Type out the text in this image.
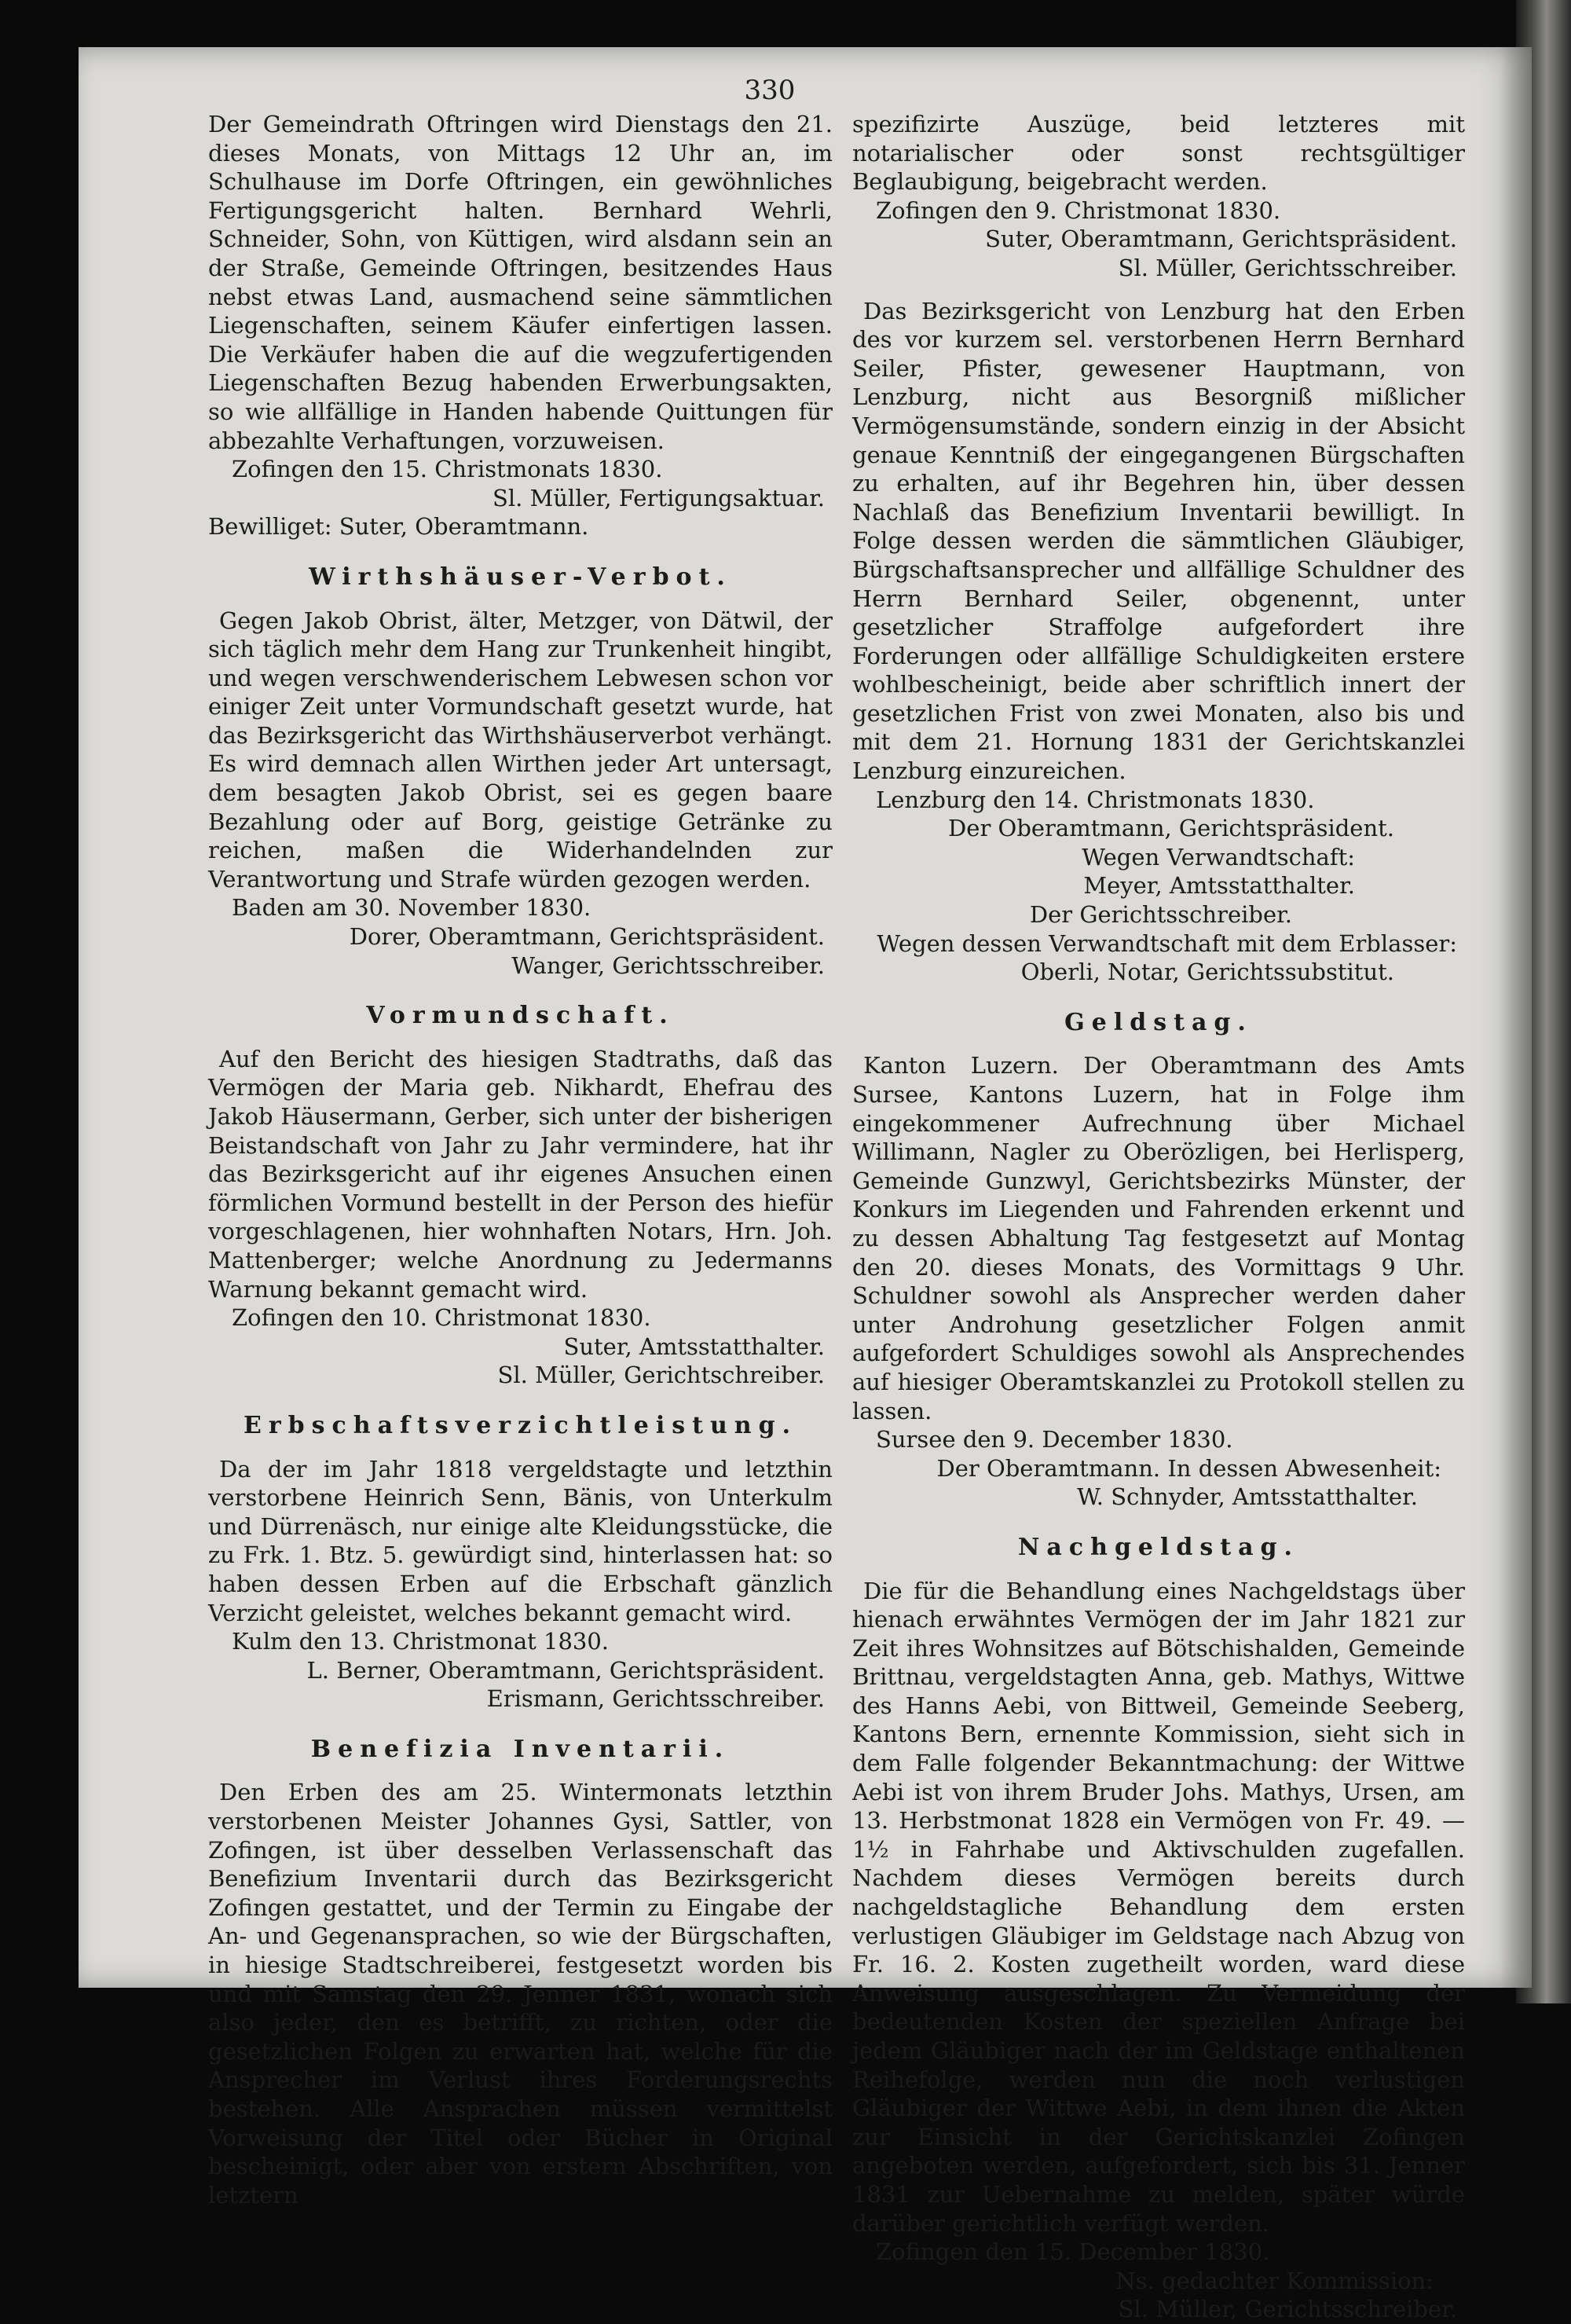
330

Der Gemeindrath Oftringen wird Dienstags den 21. dieses Monats, von Mittags 12 Uhr an, im Schulhause im Dorfe Oftringen, ein gewöhnliches Fertigungsgericht halten. Bernhard Wehrli, Schneider, Sohn, von Küttigen, wird alsdann sein an der Straße, Gemeinde Oftringen, besitzendes Haus nebst etwas Land, ausmachend seine sämmtlichen Liegenschaften, seinem Käufer einfertigen lassen. Die Verkäufer haben die auf die wegzufertigenden Liegenschaften Bezug habenden Erwerbungsakten, so wie allfällige in Handen habende Quittungen für abbezahlte Verhaftungen, vorzuweisen.

Zofingen den 15. Christmonats 1830.

Sl. Müller, Fertigungsaktuar.

Bewilliget: Suter, Oberamtmann.

Wirthshäuser-Verbot.

Gegen Jakob Obrist, älter, Metzger, von Dätwil, der sich täglich mehr dem Hang zur Trunkenheit hingibt, und wegen verschwenderischem Lebwesen schon vor einiger Zeit unter Vormundschaft gesetzt wurde, hat das Bezirksgericht das Wirthshäuserverbot verhängt. Es wird demnach allen Wirthen jeder Art untersagt, dem besagten Jakob Obrist, sei es gegen baare Bezahlung oder auf Borg, geistige Getränke zu reichen, maßen die Widerhandelnden zur Verantwortung und Strafe würden gezogen werden.

Baden am 30. November 1830.

Dorer, Oberamtmann, Gerichtspräsident.

Wanger, Gerichtsschreiber.

Vormundschaft.

Auf den Bericht des hiesigen Stadtraths, daß das Vermögen der Maria geb. Nikhardt, Ehefrau des Jakob Häusermann, Gerber, sich unter der bisherigen Beistandschaft von Jahr zu Jahr vermindere, hat ihr das Bezirksgericht auf ihr eigenes Ansuchen einen förmlichen Vormund bestellt in der Person des hiefür vorgeschlagenen, hier wohnhaften Notars, Hrn. Joh. Mattenberger; welche Anordnung zu Jedermanns Warnung bekannt gemacht wird.

Zofingen den 10. Christmonat 1830.

Suter, Amtsstatthalter.

Sl. Müller, Gerichtschreiber.

Erbschaftsverzichtleistung.

Da der im Jahr 1818 vergeldstagte und letzthin verstorbene Heinrich Senn, Bänis, von Unterkulm und Dürrenäsch, nur einige alte Kleidungsstücke, die zu Frk. 1. Btz. 5. gewürdigt sind, hinterlassen hat: so haben dessen Erben auf die Erbschaft gänzlich Verzicht geleistet, welches bekannt gemacht wird.

Kulm den 13. Christmonat 1830.

L. Berner, Oberamtmann, Gerichtspräsident.

Erismann, Gerichtsschreiber.

Benefizia Inventarii.

Den Erben des am 25. Wintermonats letzthin verstorbenen Meister Johannes Gysi, Sattler, von Zofingen, ist über desselben Verlassenschaft das Benefizium Inventarii durch das Bezirksgericht Zofingen gestattet, und der Termin zu Eingabe der An- und Gegenansprachen, so wie der Bürgschaften, in hiesige Stadtschreiberei, festgesetzt worden bis und mit Samstag den 29. Jenner 1831, wonach sich also jeder, den es betrifft, zu richten, oder die gesetzlichen Folgen zu erwarten hat, welche für die Ansprecher im Verlust ihres Forderungsrechts bestehen. Alle Ansprachen müssen vermittelst Vorweisung der Titel oder Bücher in Original bescheinigt, oder aber von erstern Abschriften, von letztern

spezifizirte Auszüge, beid letzteres mit notarialischer oder sonst rechtsgültiger Beglaubigung, beigebracht werden.

Zofingen den 9. Christmonat 1830.

Suter, Oberamtmann, Gerichtspräsident.

Sl. Müller, Gerichtsschreiber.

Das Bezirksgericht von Lenzburg hat den Erben des vor kurzem sel. verstorbenen Herrn Bernhard Seiler, Pfister, gewesener Hauptmann, von Lenzburg, nicht aus Besorgniß mißlicher Vermögensumstände, sondern einzig in der Absicht genaue Kenntniß der eingegangenen Bürgschaften zu erhalten, auf ihr Begehren hin, über dessen Nachlaß das Benefizium Inventarii bewilligt. In Folge dessen werden die sämmtlichen Gläubiger, Bürgschaftsansprecher und allfällige Schuldner des Herrn Bernhard Seiler, obgenennt, unter gesetzlicher Straffolge aufgefordert ihre Forderungen oder allfällige Schuldigkeiten erstere wohlbescheinigt, beide aber schriftlich innert der gesetzlichen Frist von zwei Monaten, also bis und mit dem 21. Hornung 1831 der Gerichtskanzlei Lenzburg einzureichen.

Lenzburg den 14. Christmonats 1830.

Der Oberamtmann, Gerichtspräsident.

Wegen Verwandtschaft:

Meyer, Amtsstatthalter.

Der Gerichtsschreiber.

Wegen dessen Verwandtschaft mit dem Erblasser:

Oberli, Notar, Gerichtssubstitut.

Geldstag.

Kanton Luzern. Der Oberamtmann des Amts Sursee, Kantons Luzern, hat in Folge ihm eingekommener Aufrechnung über Michael Willimann, Nagler zu Oberözligen, bei Herlisperg, Gemeinde Gunzwyl, Gerichtsbezirks Münster, der Konkurs im Liegenden und Fahrenden erkennt und zu dessen Abhaltung Tag festgesetzt auf Montag den 20. dieses Monats, des Vormittags 9 Uhr. Schuldner sowohl als Ansprecher werden daher unter Androhung gesetzlicher Folgen anmit aufgefordert Schuldiges sowohl als Ansprechendes auf hiesiger Oberamtskanzlei zu Protokoll stellen zu lassen.

Sursee den 9. December 1830.

Der Oberamtmann. In dessen Abwesenheit:

W. Schnyder, Amtsstatthalter.

Nachgeldstag.

Die für die Behandlung eines Nachgeldstags über hienach erwähntes Vermögen der im Jahr 1821 zur Zeit ihres Wohnsitzes auf Bötschishalden, Gemeinde Brittnau, vergeldstagten Anna, geb. Mathys, Wittwe des Hanns Aebi, von Bittweil, Gemeinde Seeberg, Kantons Bern, ernennte Kommission, sieht sich in dem Falle folgender Bekanntmachung: der Wittwe Aebi ist von ihrem Bruder Johs. Mathys, Ursen, am 13. Herbstmonat 1828 ein Vermögen von Fr. 49. — 1½ in Fahrhabe und Aktivschulden zugefallen. Nachdem dieses Vermögen bereits durch nachgeldstagliche Behandlung dem ersten verlustigen Gläubiger im Geldstage nach Abzug von Fr. 16. 2. Kosten zugetheilt worden, ward diese Anweisung ausgeschlagen. Zu Vermeidung der bedeutenden Kosten der speziellen Anfrage bei jedem Gläubiger nach der im Geldstage enthaltenen Reihefolge, werden nun die noch verlustigen Gläubiger der Wittwe Aebi, in dem ihnen die Akten zur Einsicht in der Gerichtskanzlei Zofingen angeboten werden, aufgefordert, sich bis 31. Jenner 1831 zur Uebernahme zu melden, später würde darüber gerichtlich verfügt werden.

Zofingen den 15. December 1830.

Ns. gedachter Kommission:

Sl. Müller, Gerichtsschreiber.
